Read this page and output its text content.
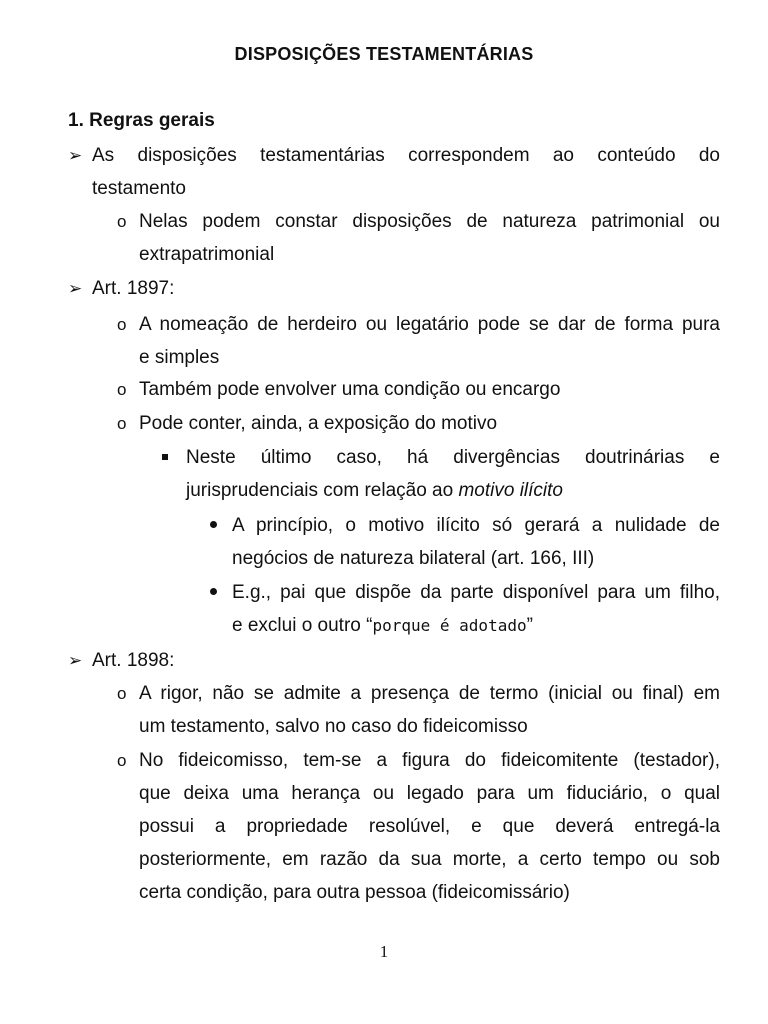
DISPOSIÇÕES TESTAMENTÁRIAS
1. Regras gerais
➢ As disposições testamentárias correspondem ao conteúdo do
testamento
o Nelas podem constar disposições de natureza patrimonial ou
extrapatrimonial
➢ Art. 1897:
o A nomeação de herdeiro ou legatário pode se dar de forma pura
e simples
o Também pode envolver uma condição ou encargo
o Pode conter, ainda, a exposição do motivo
Neste último caso, há divergências doutrinárias e
jurisprudenciais com relação ao motivo ilícito
A princípio, o motivo ilícito só gerará a nulidade de
negócios de natureza bilateral (art. 166, III)
E.g., pai que dispõe da parte disponível para um filho,
e exclui o outro “porque é adotado”
➢ Art. 1898:
o A rigor, não se admite a presença de termo (inicial ou final) em
um testamento, salvo no caso do fideicomisso
o No fideicomisso, tem-se a figura do fideicomitente (testador),
que deixa uma herança ou legado para um fiduciário, o qual
possui a propriedade resolúvel, e que deverá entregá-la
posteriormente, em razão da sua morte, a certo tempo ou sob
certa condição, para outra pessoa (fideicomissário)
1
